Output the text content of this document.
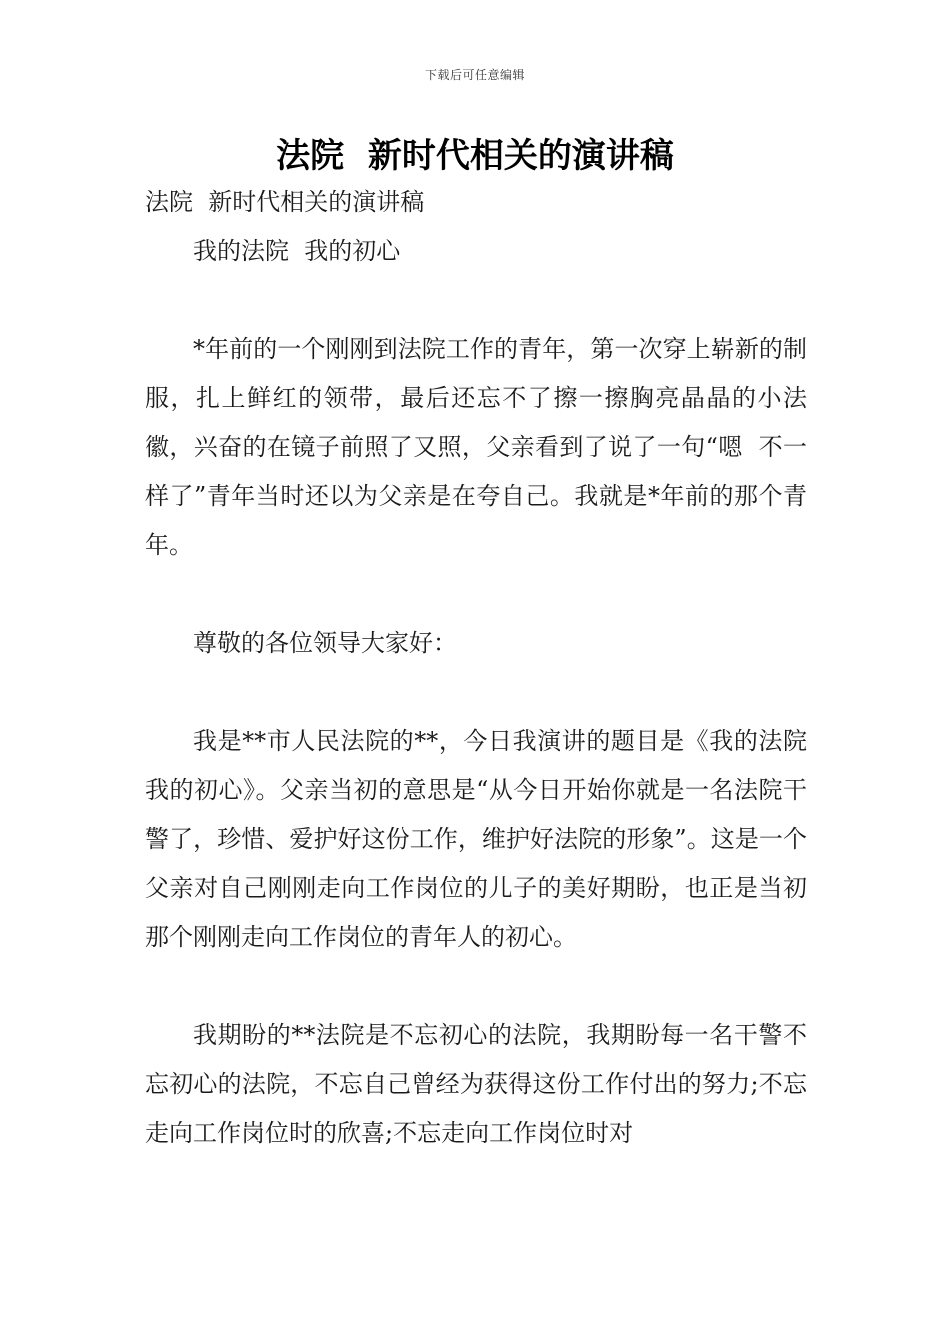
下载后可任意编辑
法院  新时代相关的演讲稿

法院  新时代相关的演讲稿

我的法院  我的初心

*年前的一个刚刚到法院工作的青年，第一次穿上崭新的制服，扎上鲜红的领带，最后还忘不了擦一擦胸亮晶晶的小法徽，兴奋的在镜子前照了又照，父亲看到了说了一句“嗯  不一样了”青年当时还以为父亲是在夸自己。我就是*年前的那个青年。

尊敬的各位领导大家好：

我是**市人民法院的**，今日我演讲的题目是《我的法院  我的初心》。父亲当初的意思是“从今日开始你就是一名法院干警了，珍惜、爱护好这份工作，维护好法院的形象”。这是一个父亲对自己刚刚走向工作岗位的儿子的美好期盼，也正是当初那个刚刚走向工作岗位的青年人的初心。

我期盼的**法院是不忘初心的法院，我期盼每一名干警不忘初心的法院，不忘自己曾经为获得这份工作付出的努力;不忘  走向工作岗位时的欣喜;不忘走向工作岗位时对
